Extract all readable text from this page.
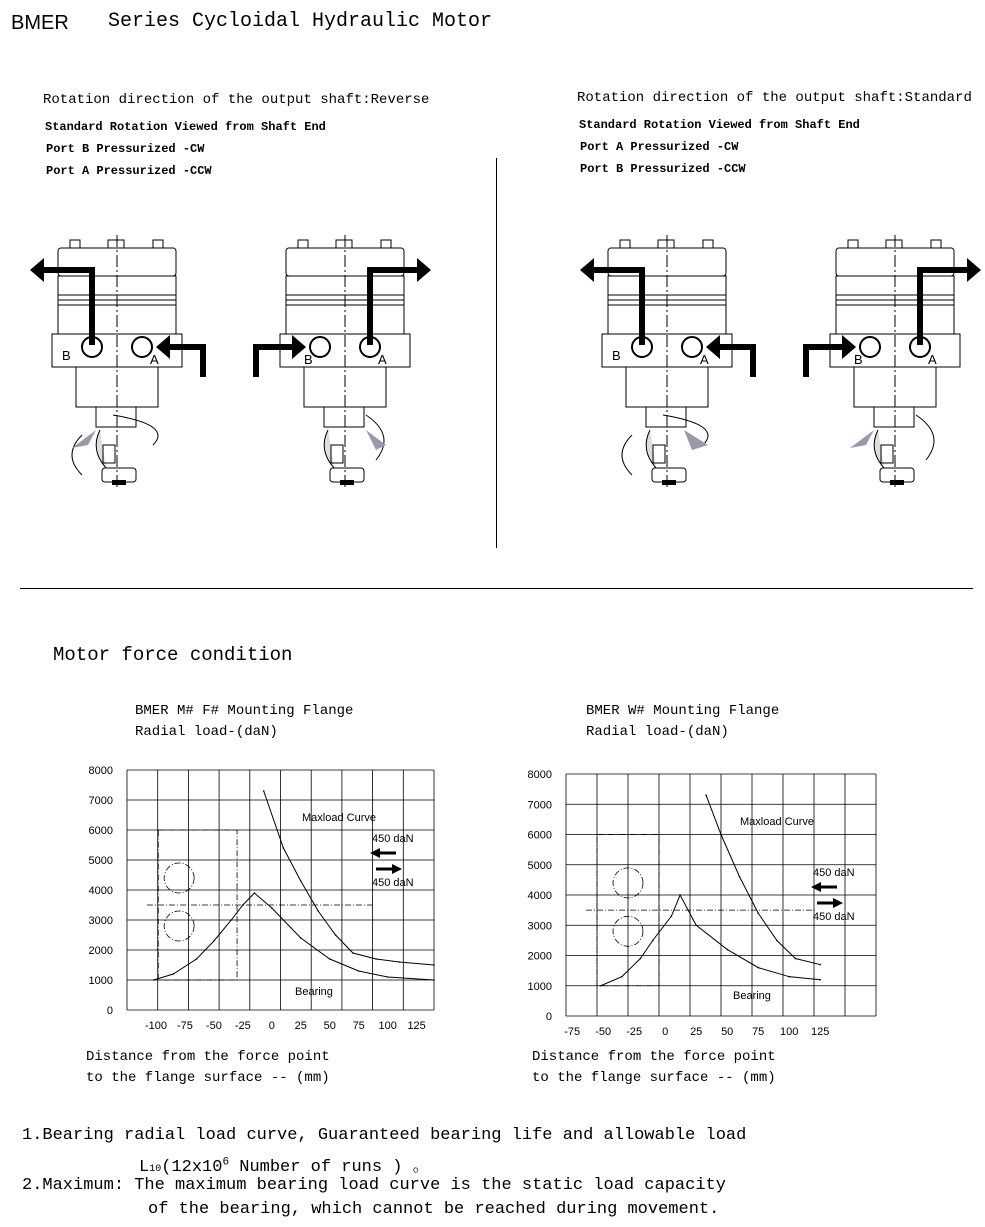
BMER Series Cycloidal Hydraulic Motor
Rotation direction of the output shaft:Reverse
Standard Rotation Viewed from Shaft End
Port B Pressurized -CW
Port A Pressurized -CCW
Rotation direction of the output shaft:Standard
Standard Rotation Viewed from Shaft End
Port A Pressurized -CW
Port B Pressurized -CCW
B	A	B	A	B	A	B	A
Motor force condition
BMER M# F# Mounting Flange
Radial load-(daN)
BMER W# Mounting Flange
Radial load-(daN)
0
1000
2000
3000
4000
5000
6000
7000
8000
-100 -75 -50 -25 0 25 50 75 100 125
Maxload Curve
Bearing
450 daN
450 daN
0
1000
2000
3000
4000
5000
6000
7000
8000
-75 -50 -25 0 25 50 75 100 125
Maxload Curve
Bearing
450 daN
450 daN
Distance from the force point
to the flange surface -- (mm)
Distance from the force point
to the flange surface -- (mm)
1.Bearing radial load curve, Guaranteed bearing life and allowable load
$L10(12x10^6$ Number of runs ) 。
2.Maximum: The maximum bearing load curve is the static load capacity
of the bearing, which cannot be reached during movement.
